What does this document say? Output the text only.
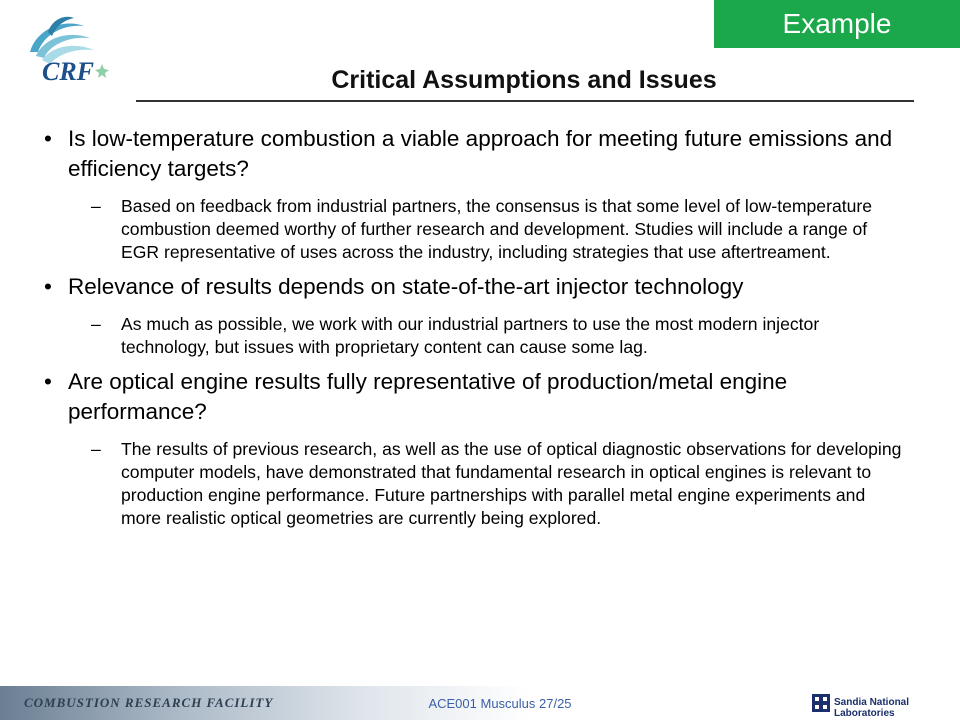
CRF
Example
Critical Assumptions and Issues
• Is low-temperature combustion a viable approach for meeting future emissions and efficiency targets?
– Based on feedback from industrial partners, the consensus is that some level of low-temperature combustion deemed worthy of further research and development. Studies will include a range of EGR representative of uses across the industry, including strategies that use aftertreament.
• Relevance of results depends on state-of-the-art injector technology
– As much as possible, we work with our industrial partners to use the most modern injector technology, but issues with proprietary content can cause some lag.
• Are optical engine results fully representative of production/metal engine performance?
– The results of previous research, as well as the use of optical diagnostic observations for developing computer models, have demonstrated that fundamental research in optical engines is relevant to production engine performance. Future partnerships with parallel metal engine experiments and more realistic optical geometries are currently being explored.
COMBUSTION RESEARCH FACILITY	ACE001 Musculus 27/25	Sandia National Laboratories
